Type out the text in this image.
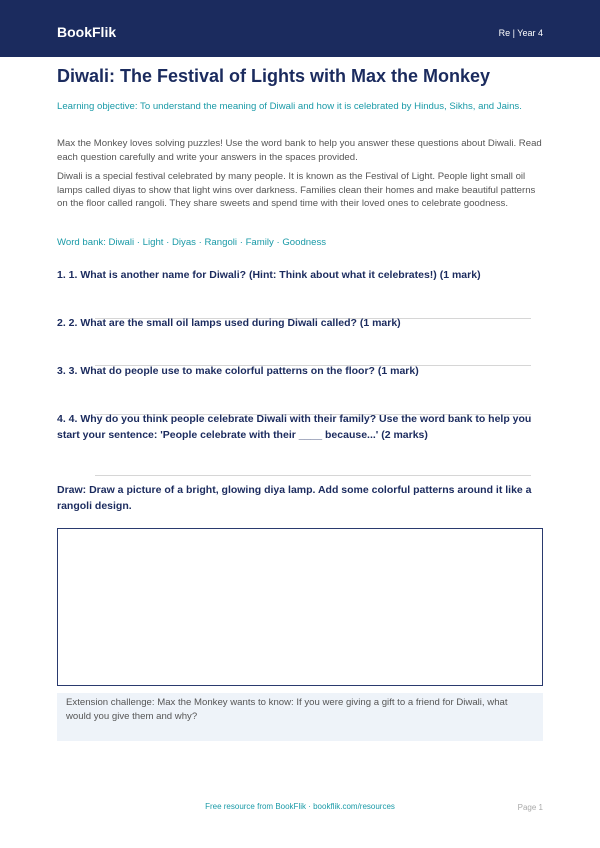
BookFlik	Re | Year 4
Diwali: The Festival of Lights with Max the Monkey

Learning objective: To understand the meaning of Diwali and how it is celebrated by Hindus, Sikhs, and Jains.

Max the Monkey loves solving puzzles! Use the word bank to help you answer these questions about Diwali. Read each question carefully and write your answers in the spaces provided.

Diwali is a special festival celebrated by many people. It is known as the Festival of Light. People light small oil lamps called diyas to show that light wins over darkness. Families clean their homes and make beautiful patterns on the floor called rangoli. They share sweets and spend time with their loved ones to celebrate goodness.

Word bank: Diwali · Light · Diyas · Rangoli · Family · Goodness

1. 1. What is another name for Diwali? (Hint: Think about what it celebrates!) (1 mark)

2. 2. What are the small oil lamps used during Diwali called? (1 mark)

3. 3. What do people use to make colorful patterns on the floor? (1 mark)

4. 4. Why do you think people celebrate Diwali with their family? Use the word bank to help you start your sentence: 'People celebrate with their ____ because...' (2 marks)

Draw: Draw a picture of a bright, glowing diya lamp. Add some colorful patterns around it like a rangoli design.

Extension challenge: Max the Monkey wants to know: If you were giving a gift to a friend for Diwali, what would you give them and why?
Free resource from BookFlik · bookflik.com/resources	Page 1
